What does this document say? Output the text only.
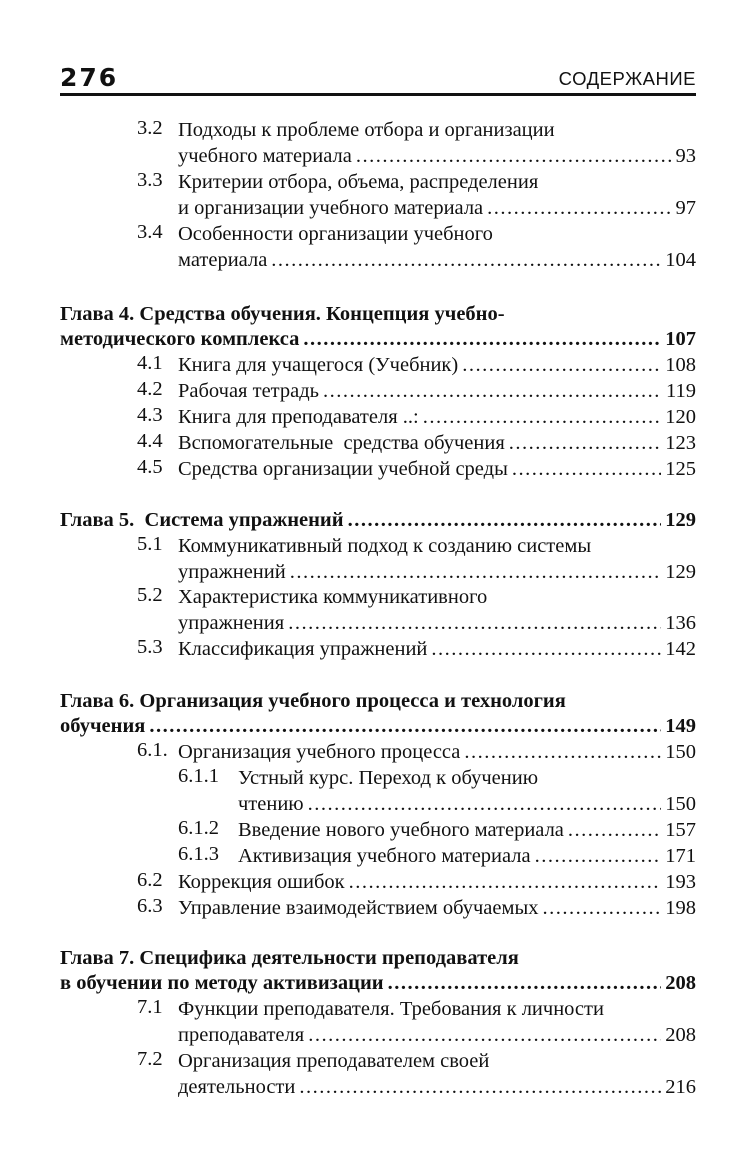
276	СОДЕРЖАНИЕ
3.2 Подходы к проблеме отбора и организации
учебного материала .....	93
3.3 Критерии отбора, объема, распределения
и организации учебного материала .....	97
3.4 Особенности организации учебного
материала .....	104
Глава 4. Средства обучения. Концепция учебно-
методического комплекса .....	107
4.1 Книга для учащегося (Учебник) .....	108
4.2 Рабочая тетрадь .....	119
4.3 Книга для преподавателя ..: .....	120
4.4 Вспомогательные  средства обучения .....	123
4.5 Средства организации учебной среды .....	125
Глава 5.  Система упражнений .....	129
5.1 Коммуникативный подход к созданию системы
упражнений .....	129
5.2 Характеристика коммуникативного
упражнения .....	136
5.3 Классификация упражнений .....	142
Глава 6. Организация учебного процесса и технология
обучения .....	149
6.1. Организация учебного процесса .....	150
6.1.1 Устный курс. Переход к обучению
чтению .....	150
6.1.2 Введение нового учебного материала .....	157
6.1.3 Активизация учебного материала .....	171
6.2 Коррекция ошибок .....	193
6.3 Управление взаимодействием обучаемых .....	198
Глава 7. Специфика деятельности преподавателя
в обучении по методу активизации .....	208
7.1 Функции преподавателя. Требования к личности
преподавателя .....	208
7.2 Организация преподавателем своей
деятельности .....	216
